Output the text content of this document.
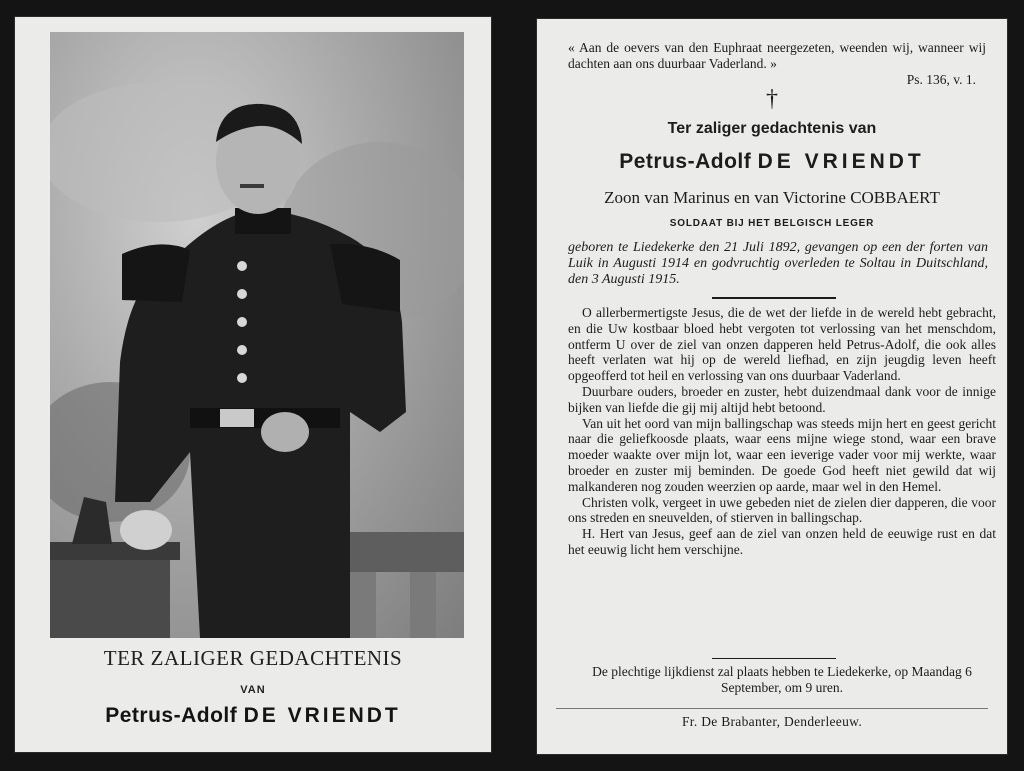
TER ZALIGER GEDACHTENIS
VAN
Petrus-Adolf DE VRIENDT
« Aan de oevers van den Euphraat neergezeten, weenden wij, wanneer wij dachten aan ons duurbaar Vaderland. »
Ps. 136, v. 1.
†
Ter zaliger gedachtenis van
Petrus-Adolf DE VRIENDT
Zoon van Marinus en van Victorine COBBAERT
SOLDAAT BIJ HET BELGISCH LEGER
geboren te Liedekerke den 21 Juli 1892, gevangen op een der forten van Luik in Augusti 1914 en godvruchtig overleden te Soltau in Duitschland, den 3 Augusti 1915.

O allerbermertigste Jesus, die de wet der liefde in de wereld hebt gebracht, en die Uw kostbaar bloed hebt vergoten tot verlossing van het menschdom, ontferm U over de ziel van onzen dapperen held Petrus-Adolf, die ook alles heeft verlaten wat hij op de wereld liefhad, en zijn jeugdig leven heeft opgeofferd tot heil en verlossing van ons duurbaar Vaderland.

Duurbare ouders, broeder en zuster, hebt duizendmaal dank voor de innige bijken van liefde die gij mij altijd hebt betoond.

Van uit het oord van mijn ballingschap was steeds mijn hert en geest gericht naar die geliefkoosde plaats, waar eens mijne wiege stond, waar een brave moeder waakte over mijn lot, waar een ieverige vader voor mij werkte, waar broeder en zuster mij beminden. De goede God heeft niet gewild dat wij malkanderen nog zouden weerzien op aarde, maar wel in den Hemel.

Christen volk, vergeet in uwe gebeden niet de zielen dier dapperen, die voor ons streden en sneuvelden, of stierven in ballingschap.

H. Hert van Jesus, geef aan de ziel van onzen held de eeuwige rust en dat het eeuwig licht hem verschijne.

De plechtige lijkdienst zal plaats hebben te Liedekerke, op Maandag 6 September, om 9 uren.
Fr. De Brabanter, Denderleeuw.
